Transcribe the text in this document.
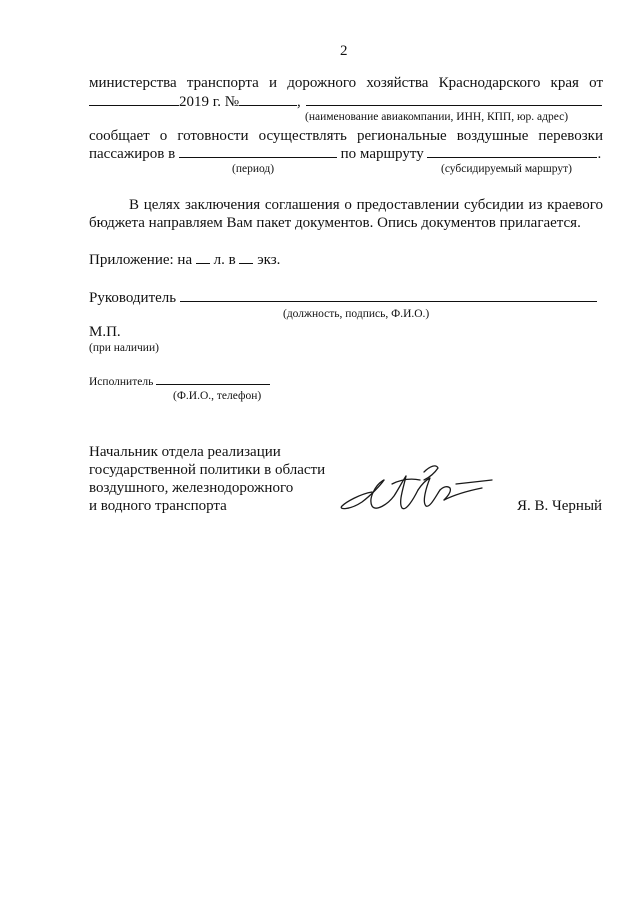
2
министерства транспорта и дорожного хозяйства Краснодарского края от
2019 г. №	,
(наименование авиакомпании, ИНН, КПП, юр. адрес)
сообщает о готовности осуществлять региональные воздушные перевозки
пассажиров в	по маршруту	.
(период)	(субсидируемый маршрут)
В целях заключения соглашения о предоставлении субсидии из краевого
бюджета направляем Вам пакет документов. Опись документов прилагается.
Приложение: на л. в экз.
Руководитель
(должность, подпись, Ф.И.О.)
М.П.
(при наличии)
Исполнитель
(Ф.И.О., телефон)
Начальник отдела реализации
государственной политики в области
воздушного, железнодорожного
и водного транспорта	Я. В. Черный
